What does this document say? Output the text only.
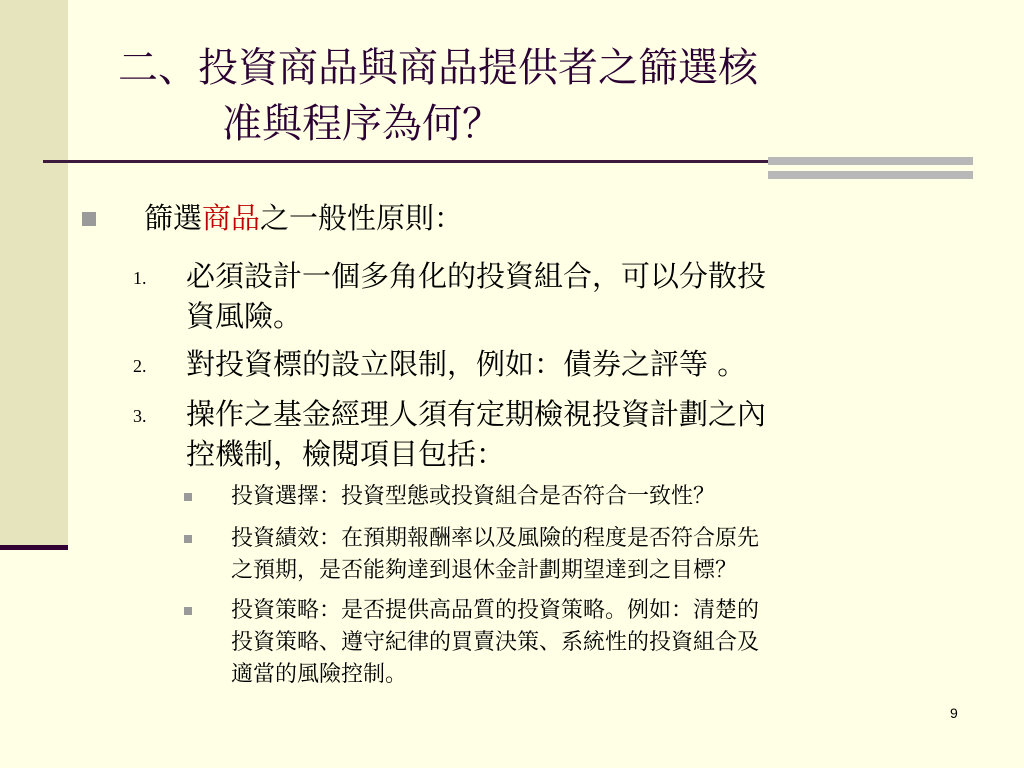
二、投資商品與商品提供者之篩選核
准與程序為何？
篩選商品之一般性原則：
1. 必須設計一個多角化的投資組合，可以分散投
資風險。
2. 對投資標的設立限制，例如：債券之評等 。
3. 操作之基金經理人須有定期檢視投資計劃之內
控機制，檢閱項目包括：
投資選擇：投資型態或投資組合是否符合一致性？
投資績效：在預期報酬率以及風險的程度是否符合原先
之預期，是否能夠達到退休金計劃期望達到之目標？
投資策略：是否提供高品質的投資策略。例如：清楚的
投資策略、遵守紀律的買賣決策、系統性的投資組合及
適當的風險控制。
9
